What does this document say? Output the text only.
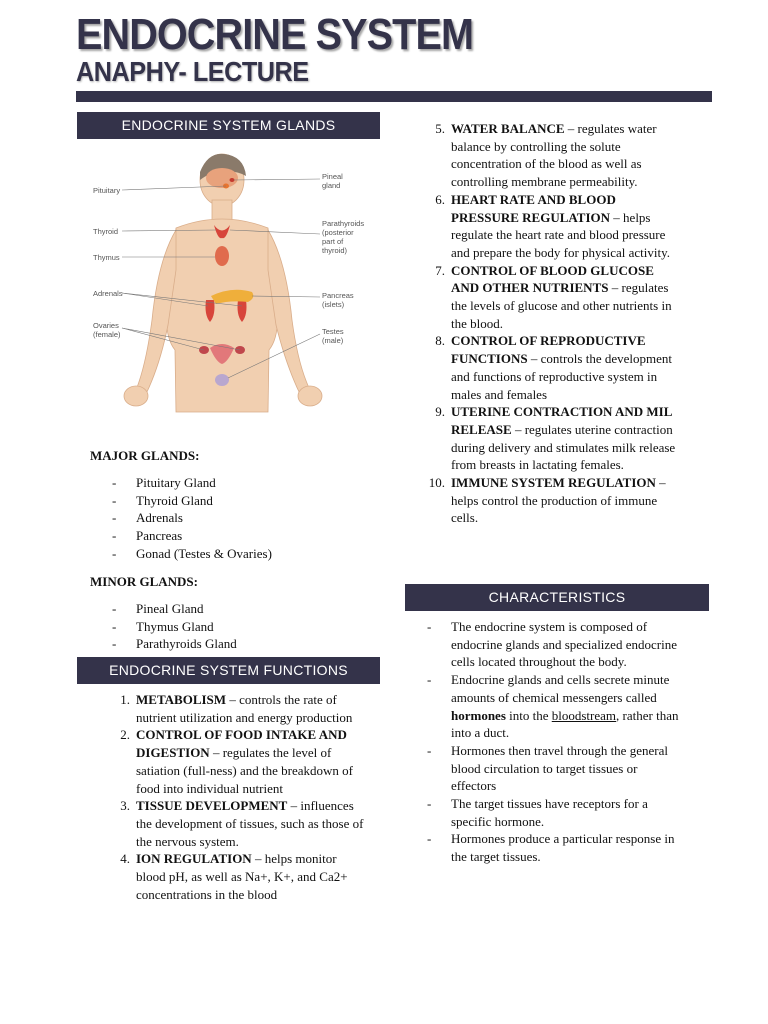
ENDOCRINE SYSTEM
ANAPHY- LECTURE
ENDOCRINE SYSTEM GLANDS
Pituitary
Thyroid
Thymus
Adrenals
Ovaries
(female)
Pineal
gland
Parathyroids
(posterior
part of
thyroid)
Pancreas
(islets)
Testes
(male)

MAJOR GLANDS:

- Pituitary Gland
- Thyroid Gland
- Adrenals
- Pancreas
- Gonad (Testes & Ovaries)

MINOR GLANDS:

- Pineal Gland
- Thymus Gland
- Parathyroids Gland
ENDOCRINE SYSTEM FUNCTIONS
1. METABOLISM – controls the rate of nutrient utilization and energy production
2. CONTROL OF FOOD INTAKE AND DIGESTION – regulates the level of satiation (full-ness) and the breakdown of food into individual nutrient
3. TISSUE DEVELOPMENT – influences the development of tissues, such as those of the nervous system.
4. ION REGULATION – helps monitor blood pH, as well as Na+, K+, and Ca2+ concentrations in the blood
5. WATER BALANCE – regulates water balance by controlling the solute concentration of the blood as well as controlling membrane permeability.
6. HEART RATE AND BLOOD PRESSURE REGULATION – helps regulate the heart rate and blood pressure and prepare the body for physical activity.
7. CONTROL OF BLOOD GLUCOSE AND OTHER NUTRIENTS – regulates the levels of glucose and other nutrients in the blood.
8. CONTROL OF REPRODUCTIVE FUNCTIONS – controls the development and functions of reproductive system in males and females
9. UTERINE CONTRACTION AND MIL RELEASE – regulates uterine contraction during delivery and stimulates milk release from breasts in lactating females.
10. IMMUNE SYSTEM REGULATION – helps control the production of immune cells.
CHARACTERISTICS
- The endocrine system is composed of endocrine glands and specialized endocrine cells located throughout the body.
- Endocrine glands and cells secrete minute amounts of chemical messengers called hormones into the bloodstream, rather than into a duct.
- Hormones then travel through the general blood circulation to target tissues or effectors
- The target tissues have receptors for a specific hormone.
- Hormones produce a particular response in the target tissues.
